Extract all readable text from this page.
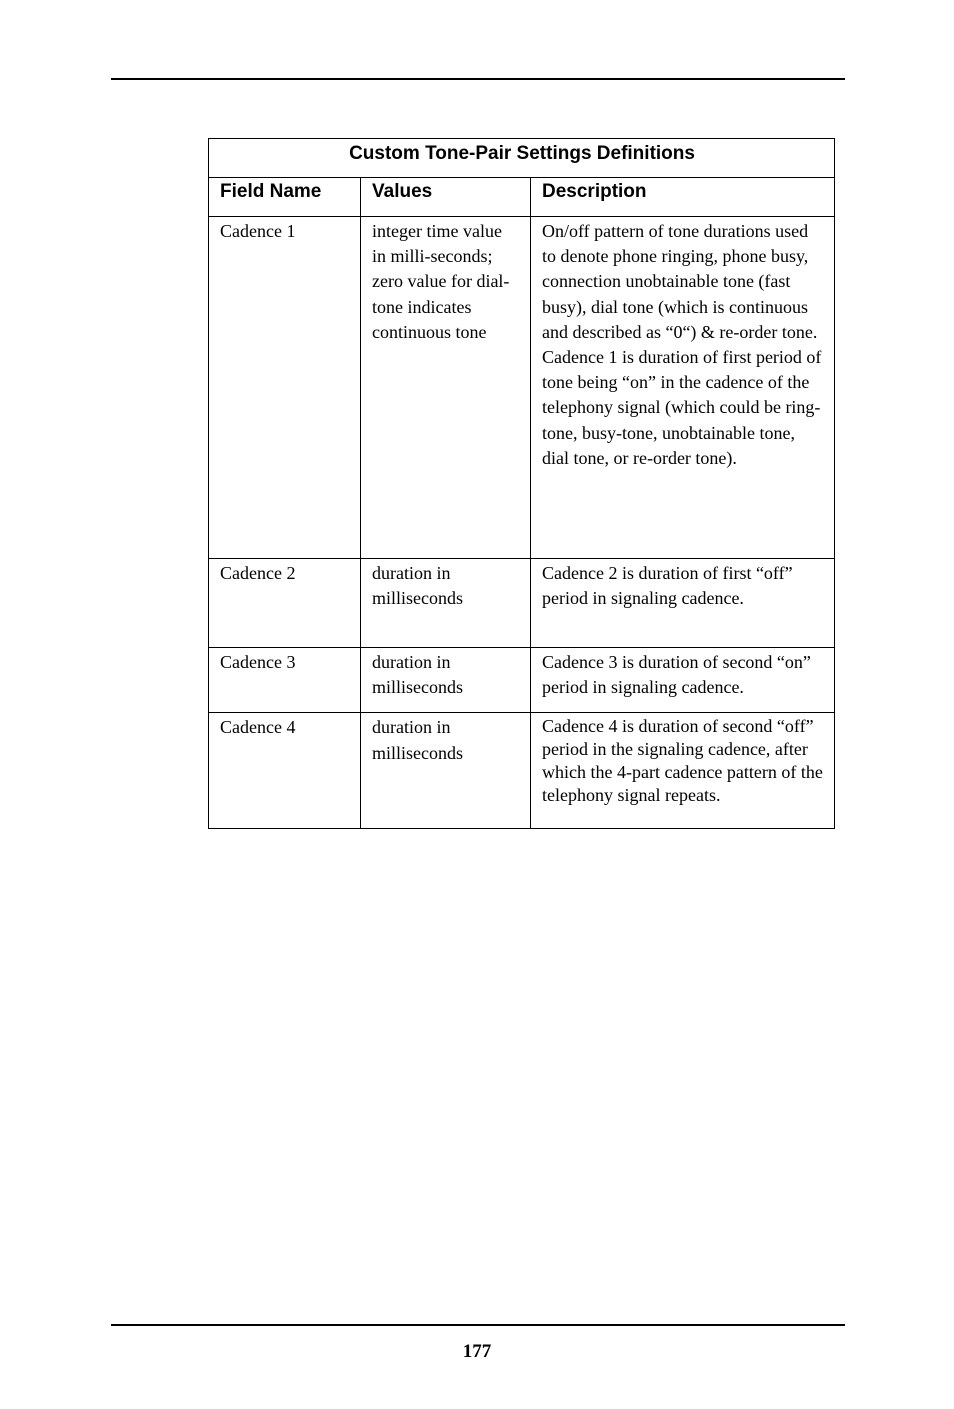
Custom Tone-Pair Settings Definitions		
Field Name	Values	Description
Cadence 1	integer time value in milli-seconds; zero value for dial-tone indicates continuous tone	On/off pattern of tone durations used to denote phone ringing, phone busy, connection unobtainable tone (fast busy), dial tone (which is continuous and described as “0“) & re-order tone. Cadence 1 is duration of first period of tone being “on” in the cadence of the telephony signal (which could be ring-tone, busy-tone, unobtainable tone, dial tone, or re-order tone).
Cadence 2	duration in milliseconds	Cadence 2 is duration of first “off” period in signaling cadence.
Cadence 3	duration in milliseconds	Cadence 3 is duration of second “on” period in signaling cadence.
Cadence 4	duration in milliseconds	Cadence 4 is duration of second “off” period in the signaling cadence, after which the 4-part cadence pattern of the telephony signal repeats.
177
